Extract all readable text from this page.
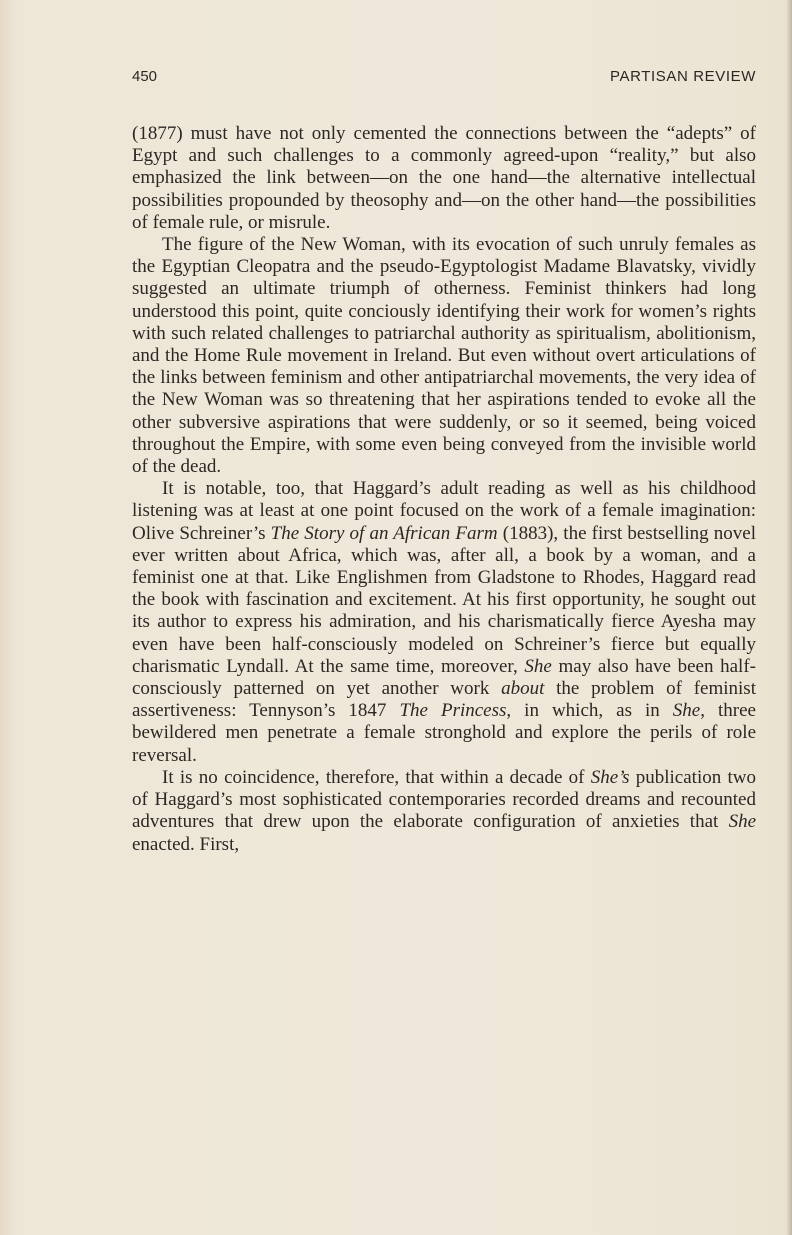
450	PARTISAN REVIEW

(1877) must have not only cemented the connections between the “adepts” of Egypt and such challenges to a commonly agreed-upon “reality,” but also emphasized the link between—on the one hand—the alternative intellectual possibilities propounded by theosophy and—on the other hand—the possibilities of female rule, or misrule.

The figure of the New Woman, with its evocation of such unruly females as the Egyptian Cleopatra and the pseudo-Egyptologist Madame Blavatsky, vividly suggested an ultimate triumph of otherness. Feminist thinkers had long understood this point, quite conciously identifying their work for women’s rights with such related challenges to patriarchal authority as spiritualism, abolitionism, and the Home Rule movement in Ireland. But even without overt articulations of the links between feminism and other antipatriarchal movements, the very idea of the New Woman was so threatening that her aspirations tended to evoke all the other subversive aspirations that were suddenly, or so it seemed, being voiced throughout the Empire, with some even being conveyed from the invisible world of the dead.

It is notable, too, that Haggard’s adult reading as well as his childhood listening was at least at one point focused on the work of a female imagination: Olive Schreiner’s The Story of an African Farm (1883), the first bestselling novel ever written about Africa, which was, after all, a book by a woman, and a feminist one at that. Like Englishmen from Gladstone to Rhodes, Haggard read the book with fascination and excitement. At his first opportunity, he sought out its author to express his admiration, and his charismatically fierce Ayesha may even have been half-consciously modeled on Schreiner’s fierce but equally charismatic Lyndall. At the same time, moreover, She may also have been half-consciously patterned on yet another work about the problem of feminist assertiveness: Tennyson’s 1847 The Princess, in which, as in She, three bewildered men penetrate a female stronghold and explore the perils of role reversal.

It is no coincidence, therefore, that within a decade of She’s publication two of Haggard’s most sophisticated contemporaries recorded dreams and recounted adventures that drew upon the elaborate configuration of anxieties that She enacted. First,
